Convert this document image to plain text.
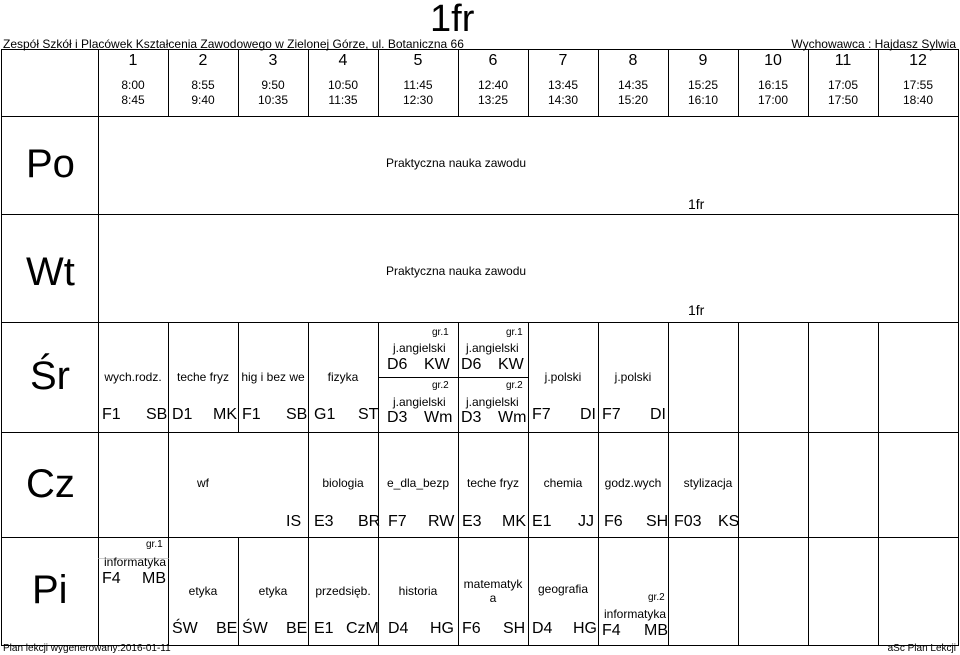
Zespół Szkół i Placówek Kształcenia Zawodowego w Zielonej Górze, ul. Botaniczna 66
1fr
Wychowawca : Hajdasz Sylwia
1
8:00
8:45
2
8:55
9:40
3
9:50
10:35
4
10:50
11:35
5
11:45
12:30
6
12:40
13:25
7
13:45
14:30
8
14:35
15:20
9
15:25
16:10
10
16:15
17:00
11
17:05
17:50
12
17:55
18:40
Po
Wt
Śr
Cz
Pi
Praktyczna nauka zawodu
1fr
Praktyczna nauka zawodu
1fr
wych.rodz.
F1 SB
teche fryz
D1 MK
hig i bez we
F1 SB
fizyka
G1 ST
gr.1
j.angielski
D6 KW
gr.2
j.angielski
D3 Wm
gr.1
j.angielski
D6 KW
gr.2
j.angielski
D3 Wm
j.polski
F7 DI
j.polski
F7 DI
wf
IS
biologia
E3 BR
e_dla_bezp
F7 RW
teche fryz
E3 MK
chemia
E1 JJ
godz.wych
F6 SH
stylizacja
F03 KS
gr.1
informatyka
F4 MB
etyka
ŚW BE
etyka
ŚW BE
przedsięb.
E1 CzM
historia
D4 HG
matematyk
a
F6 SH
geografia
D4 HG
gr.2
informatyka
F4 MB
Plan lekcji wygenerowany:2016-01-11	aSc Plan Lekcji
